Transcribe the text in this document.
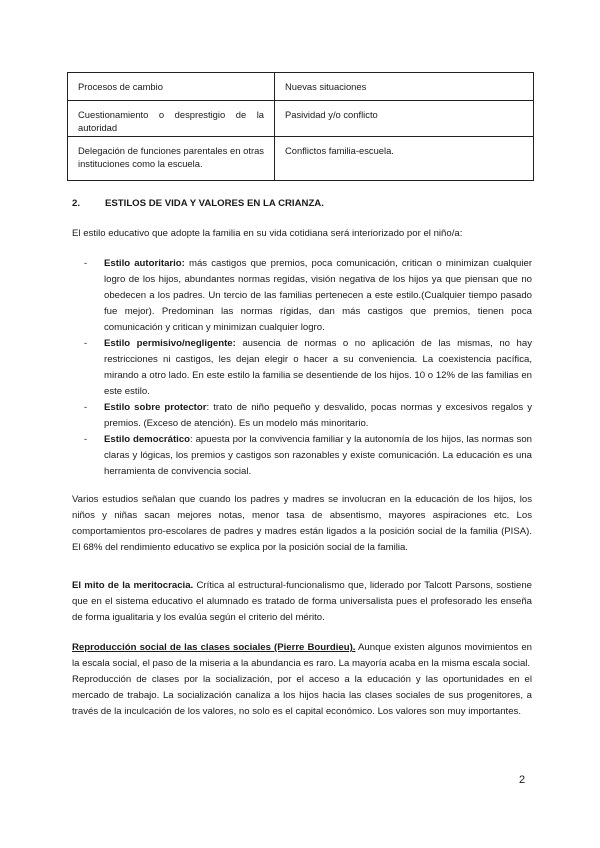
Procesos de cambio	Nuevas situaciones
Cuestionamiento o desprestigio de la autoridad	Pasividad y/o conflicto
Delegación de funciones parentales en otras instituciones como la escuela.	Conflictos familia-escuela.
2.	ESTILOS DE VIDA Y VALORES EN LA CRIANZA.
El estilo educativo que adopte la familia en su vida cotidiana será interiorizado por el niño/a:
- Estilo autoritario: más castigos que premios, poca comunicación, critican o minimizan cualquier logro de los hijos, abundantes normas regidas, visión negativa de los hijos ya que piensan que no obedecen a los padres. Un tercio de las familias pertenecen a este estilo.(Cualquier tiempo pasado fue mejor). Predominan las normas rígidas, dan más castigos que premios, tienen poca comunicación y critican y minimizan cualquier logro.
- Estilo permisivo/negligente: ausencia de normas o no aplicación de las mismas, no hay restricciones ni castigos, les dejan elegir o hacer a su conveniencia. La coexistencia pacífica, mirando a otro lado. En este estilo la familia se desentiende de los hijos. 10 o 12% de las familias en este estilo.
- Estilo sobre protector: trato de niño pequeño y desvalido, pocas normas y excesivos regalos y premios. (Exceso de atención). Es un modelo más minoritario.
- Estilo democrático: apuesta por la convivencia familiar y la autonomía de los hijos, las normas son claras y lógicas, los premios y castigos son razonables y existe comunicación. La educación es una herramienta de convivencia social.
Varios estudios señalan que cuando los padres y madres se involucran en la educación de los hijos, los niños y niñas sacan mejores notas, menor tasa de absentismo, mayores aspiraciones etc. Los comportamientos pro-escolares de padres y madres están ligados a la posición social de la familia (PISA). El 68% del rendimiento educativo se explica por la posición social de la familia.
El mito de la meritocracia. Crítica al estructural-funcionalismo que, liderado por Talcott Parsons, sostiene que en el sistema educativo el alumnado es tratado de forma universalista pues el profesorado les enseña de forma igualitaria y los evalúa según el criterio del mérito.
Reproducción social de las clases sociales (Pierre Bourdieu). Aunque existen algunos movimientos en la escala social, el paso de la miseria a la abundancia es raro. La mayoría acaba en la misma escala social.
Reproducción de clases por la socialización, por el acceso a la educación y las oportunidades en el mercado de trabajo. La socialización canaliza a los hijos hacia las clases sociales de sus progenitores, a través de la inculcación de los valores, no solo es el capital económico. Los valores son muy importantes.
2
